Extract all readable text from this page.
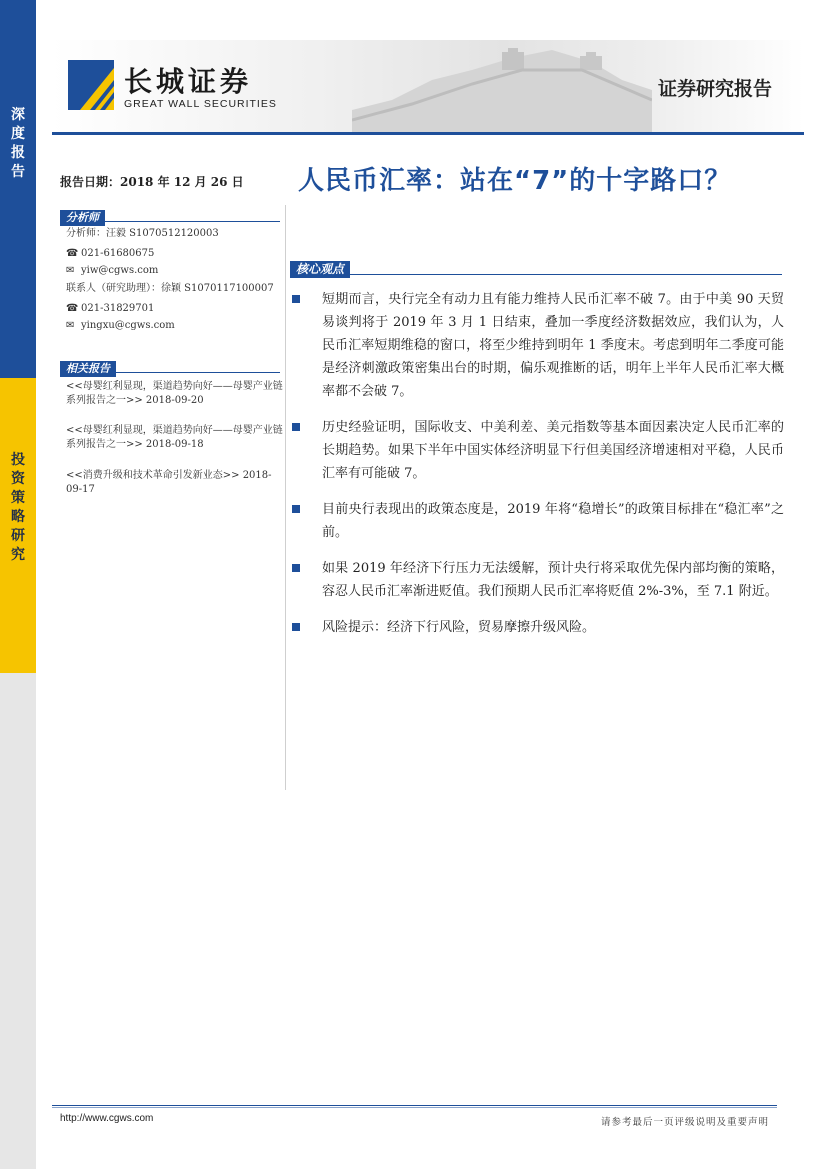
深
度
报
告
投
资
策
略
研
究
长城证券
GREAT WALL SECURITIES
证券研究报告
报告日期：2018 年 12 月 26 日 人民币汇率：站在“7”的十字路口？
分析师
分析师：汪毅 S1070512120003
☎ 021-61680675
✉ yiw@cgws.com
联系人（研究助理）：徐颖 S1070117100007
☎ 021-31829701
✉ yingxu@cgws.com
相关报告
<<母婴红利显现，渠道趋势向好——母婴产业链系列报告之一>> 2018-09-20
<<母婴红利显现，渠道趋势向好——母婴产业链系列报告之一>> 2018-09-18
<<消费升级和技术革命引发新业态>> 2018-09-17
核心观点
短期而言，央行完全有动力且有能力维持人民币汇率不破 7。由于中美 90 天贸易谈判将于 2019 年 3 月 1 日结束，叠加一季度经济数据效应，我们认为，人民币汇率短期维稳的窗口，将至少维持到明年 1 季度末。考虑到明年二季度可能是经济刺激政策密集出台的时期，偏乐观推断的话，明年上半年人民币汇率大概率都不会破 7。
历史经验证明，国际收支、中美利差、美元指数等基本面因素决定人民币汇率的长期趋势。如果下半年中国实体经济明显下行但美国经济增速相对平稳，人民币汇率有可能破 7。
目前央行表现出的政策态度是，2019 年将“稳增长”的政策目标排在“稳汇率”之前。
如果 2019 年经济下行压力无法缓解，预计央行将采取优先保内部均衡的策略，容忍人民币汇率渐进贬值。我们预期人民币汇率将贬值 2%-3%，至 7.1 附近。
风险提示：经济下行风险，贸易摩擦升级风险。
http://www.cgws.com	请参考最后一页评级说明及重要声明
